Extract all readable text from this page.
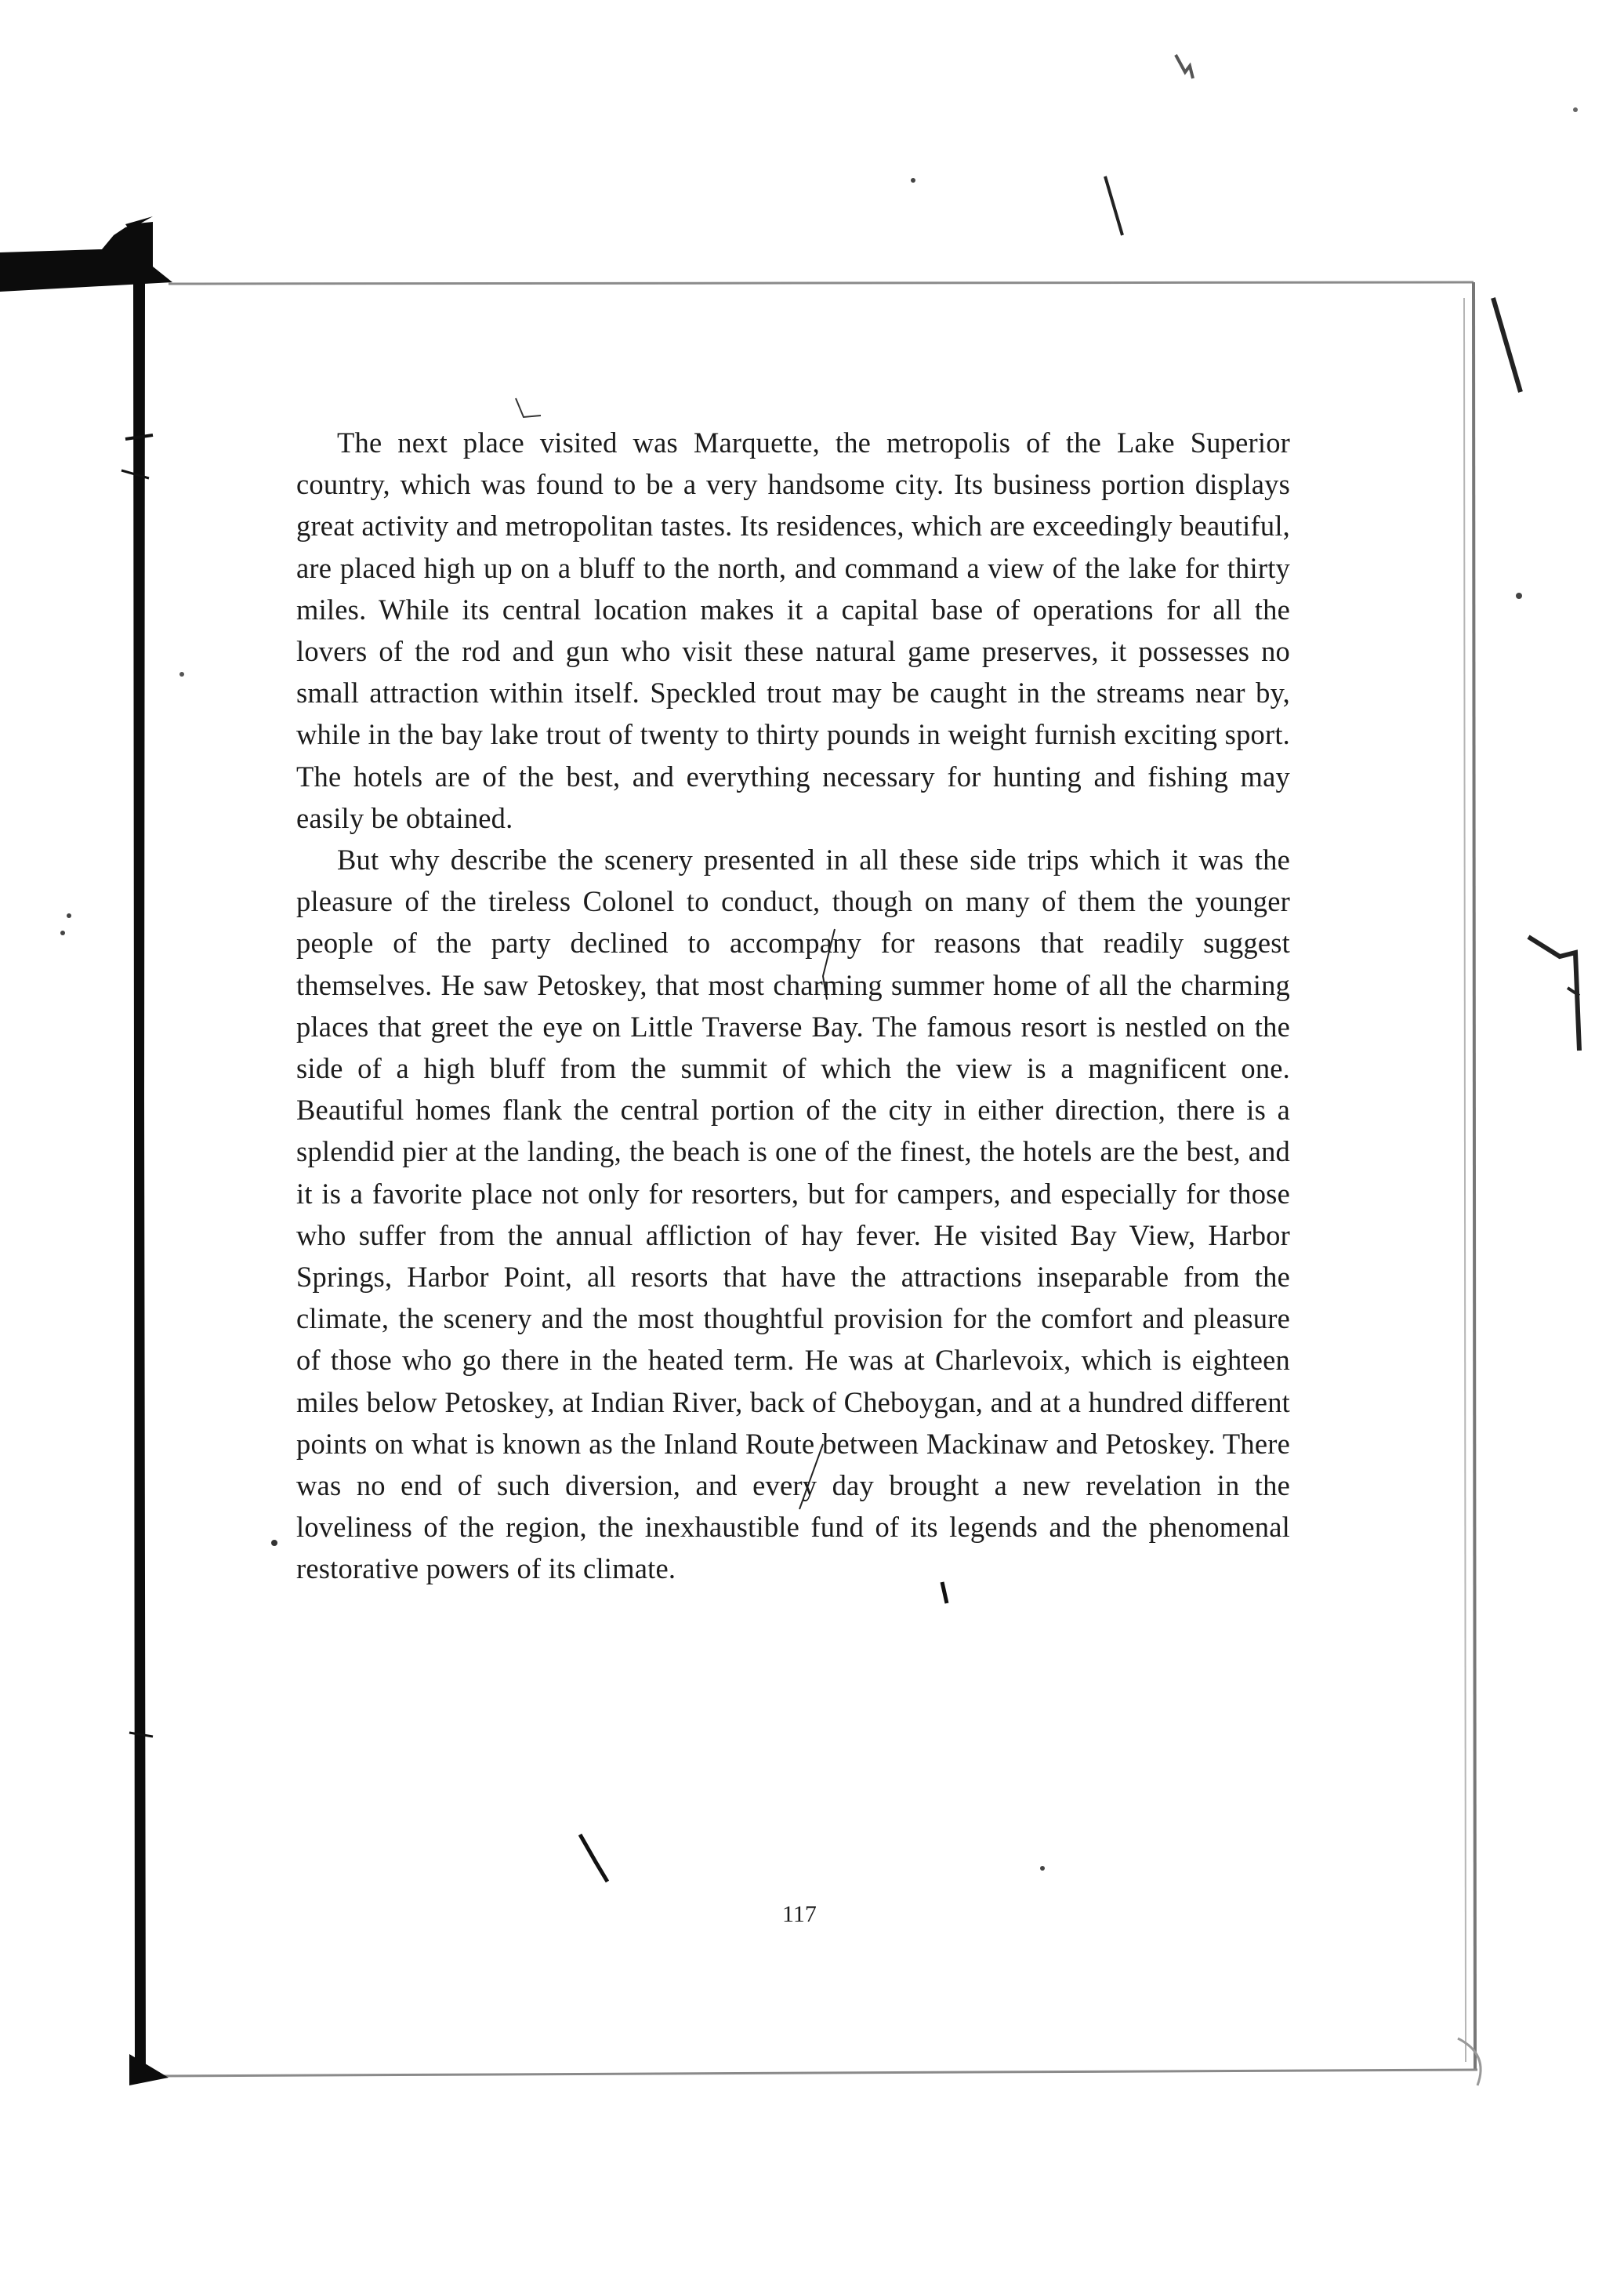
The next place visited was Marquette, the metropolis of the Lake Superior country, which was found to be a very handsome city. Its business portion displays great activity and metropolitan tastes. Its residences, which are exceedingly beautiful, are placed high up on a bluff to the north, and command a view of the lake for thirty miles. While its central location makes it a capital base of operations for all the lovers of the rod and gun who visit these natural game preserves, it possesses no small attraction within itself. Speckled trout may be caught in the streams near by, while in the bay lake trout of twenty to thirty pounds in weight furnish exciting sport. The hotels are of the best, and everything necessary for hunting and fishing may easily be obtained.

But why describe the scenery presented in all these side trips which it was the pleasure of the tireless Colonel to conduct, though on many of them the younger people of the party declined to accompany for reasons that readily suggest themselves. He saw Petoskey, that most charming summer home of all the charming places that greet the eye on Little Traverse Bay. The famous resort is nestled on the side of a high bluff from the summit of which the view is a magnificent one. Beautiful homes flank the central portion of the city in either direction, there is a splendid pier at the landing, the beach is one of the finest, the hotels are the best, and it is a favorite place not only for resorters, but for campers, and especially for those who suffer from the annual affliction of hay fever. He visited Bay View, Harbor Springs, Harbor Point, all resorts that have the attractions inseparable from the climate, the scenery and the most thoughtful provision for the comfort and pleasure of those who go there in the heated term. He was at Charlevoix, which is eighteen miles below Petoskey, at Indian River, back of Cheboygan, and at a hundred different points on what is known as the Inland Route between Mackinaw and Petoskey. There was no end of such diversion, and every day brought a new revelation in the loveliness of the region, the inexhaustible fund of its legends and the phenomenal restorative powers of its climate.

117
